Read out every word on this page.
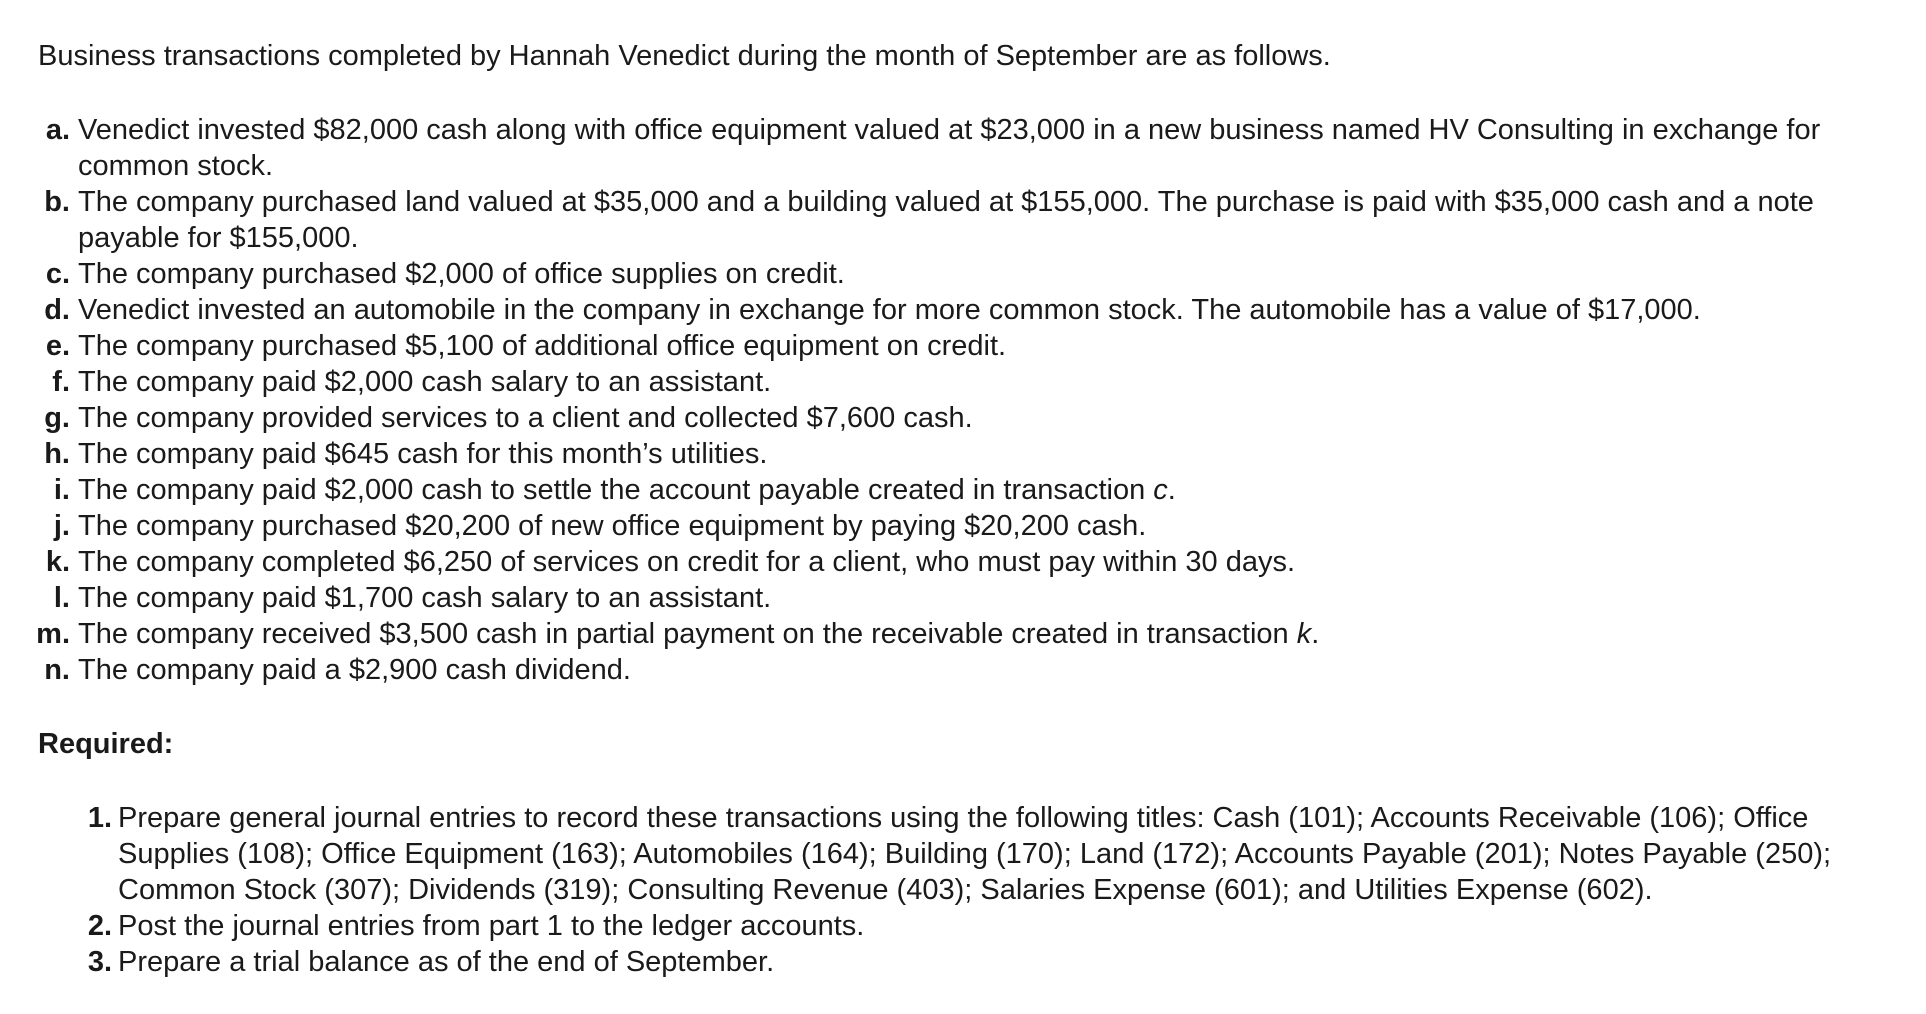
Business transactions completed by Hannah Venedict during the month of September are as follows.

a. Venedict invested $82,000 cash along with office equipment valued at $23,000 in a new business named HV Consulting in exchange for common stock.
b. The company purchased land valued at $35,000 and a building valued at $155,000. The purchase is paid with $35,000 cash and a note payable for $155,000.
c. The company purchased $2,000 of office supplies on credit.
d. Venedict invested an automobile in the company in exchange for more common stock. The automobile has a value of $17,000.
e. The company purchased $5,100 of additional office equipment on credit.
f. The company paid $2,000 cash salary to an assistant.
g. The company provided services to a client and collected $7,600 cash.
h. The company paid $645 cash for this month’s utilities.
i. The company paid $2,000 cash to settle the account payable created in transaction c.
j. The company purchased $20,200 of new office equipment by paying $20,200 cash.
k. The company completed $6,250 of services on credit for a client, who must pay within 30 days.
l. The company paid $1,700 cash salary to an assistant.
m. The company received $3,500 cash in partial payment on the receivable created in transaction k.
n. The company paid a $2,900 cash dividend.

Required:

1. Prepare general journal entries to record these transactions using the following titles: Cash (101); Accounts Receivable (106); Office Supplies (108); Office Equipment (163); Automobiles (164); Building (170); Land (172); Accounts Payable (201); Notes Payable (250); Common Stock (307); Dividends (319); Consulting Revenue (403); Salaries Expense (601); and Utilities Expense (602).
2. Post the journal entries from part 1 to the ledger accounts.
3. Prepare a trial balance as of the end of September.
